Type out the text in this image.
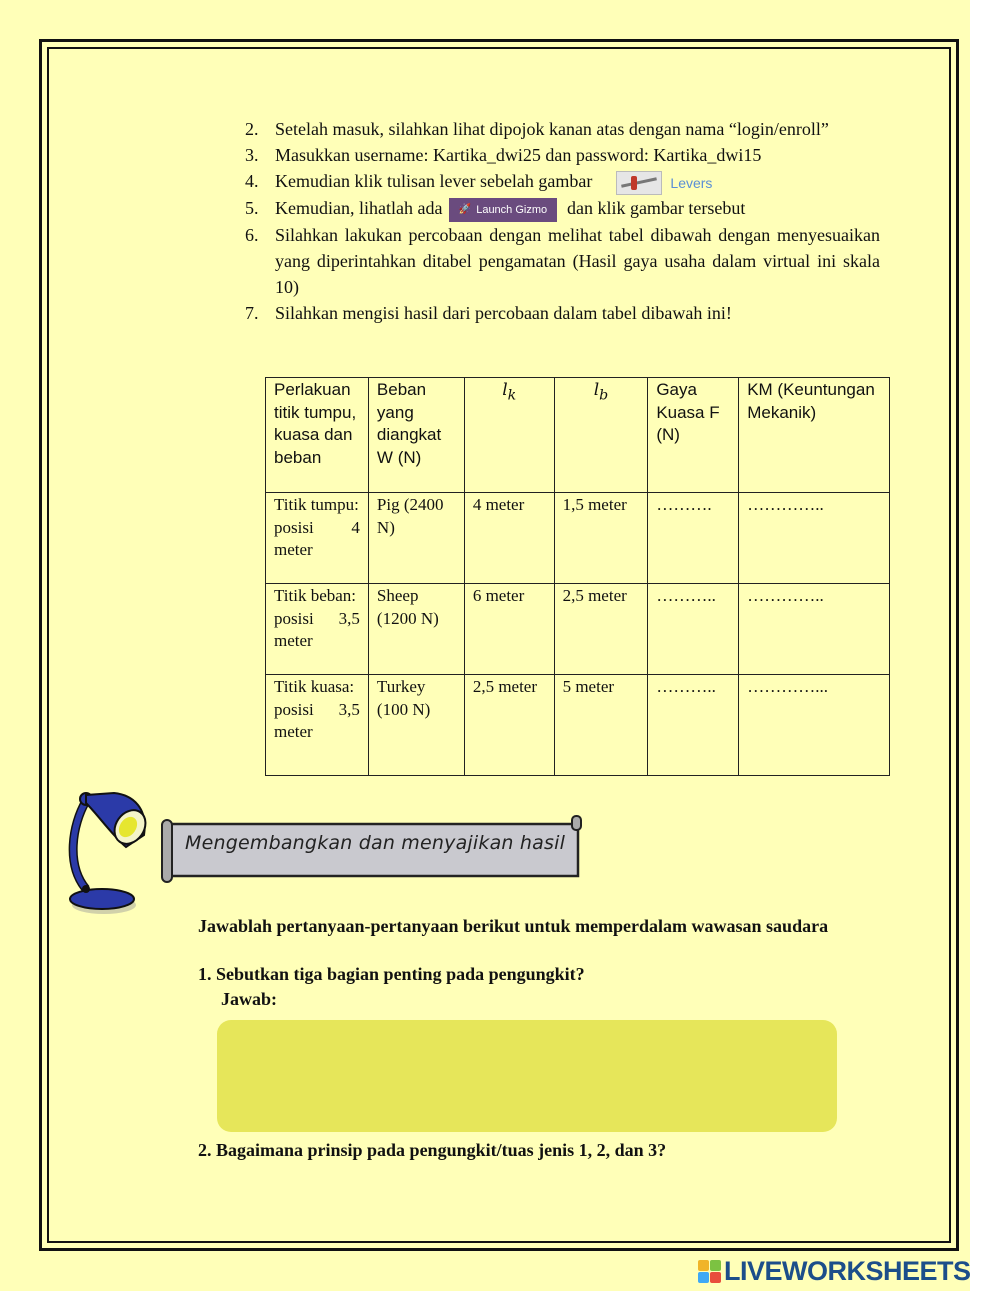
2. Setelah masuk, silahkan lihat dipojok kanan atas dengan nama “login/enroll”
3. Masukkan username: Kartika_dwi25 dan password: Kartika_dwi15
4. Kemudian klik tulisan lever sebelah gambar	Levers
5. Kemudian, lihatlah ada 🚀 Launch Gizmo dan klik gambar tersebut
6. Silahkan lakukan percobaan dengan melihat tabel dibawah dengan menyesuaikan yang diperintahkan ditabel pengamatan (Hasil gaya usaha dalam virtual ini skala 10)
7. Silahkan mengisi hasil dari percobaan dalam tabel dibawah ini!
Perlakuan titik tumpu, kuasa dan beban	Beban yang diangkat W (N)	$l_k$	$l_b$	Gaya Kuasa F (N)	KM (Keuntungan Mekanik)

Titik tumpu:
posisi 4
meter	Pig (2400 N)	4 meter	1,5 meter	……….	…………..

Titik beban:
posisi 3,5
meter	Sheep (1200 N)	6 meter	2,5 meter	………..	…………..

Titik kuasa:
posisi 3,5
meter	Turkey (100 N)	2,5 meter	5 meter	………..	…………...
Mengembangkan dan menyajikan hasil
Jawablah pertanyaan-pertanyaan berikut untuk memperdalam wawasan saudara
1. Sebutkan tiga bagian penting pada pengungkit?
Jawab:
2. Bagaimana prinsip pada pengungkit/tuas jenis 1, 2, dan 3?
LIVEWORKSHEETS
